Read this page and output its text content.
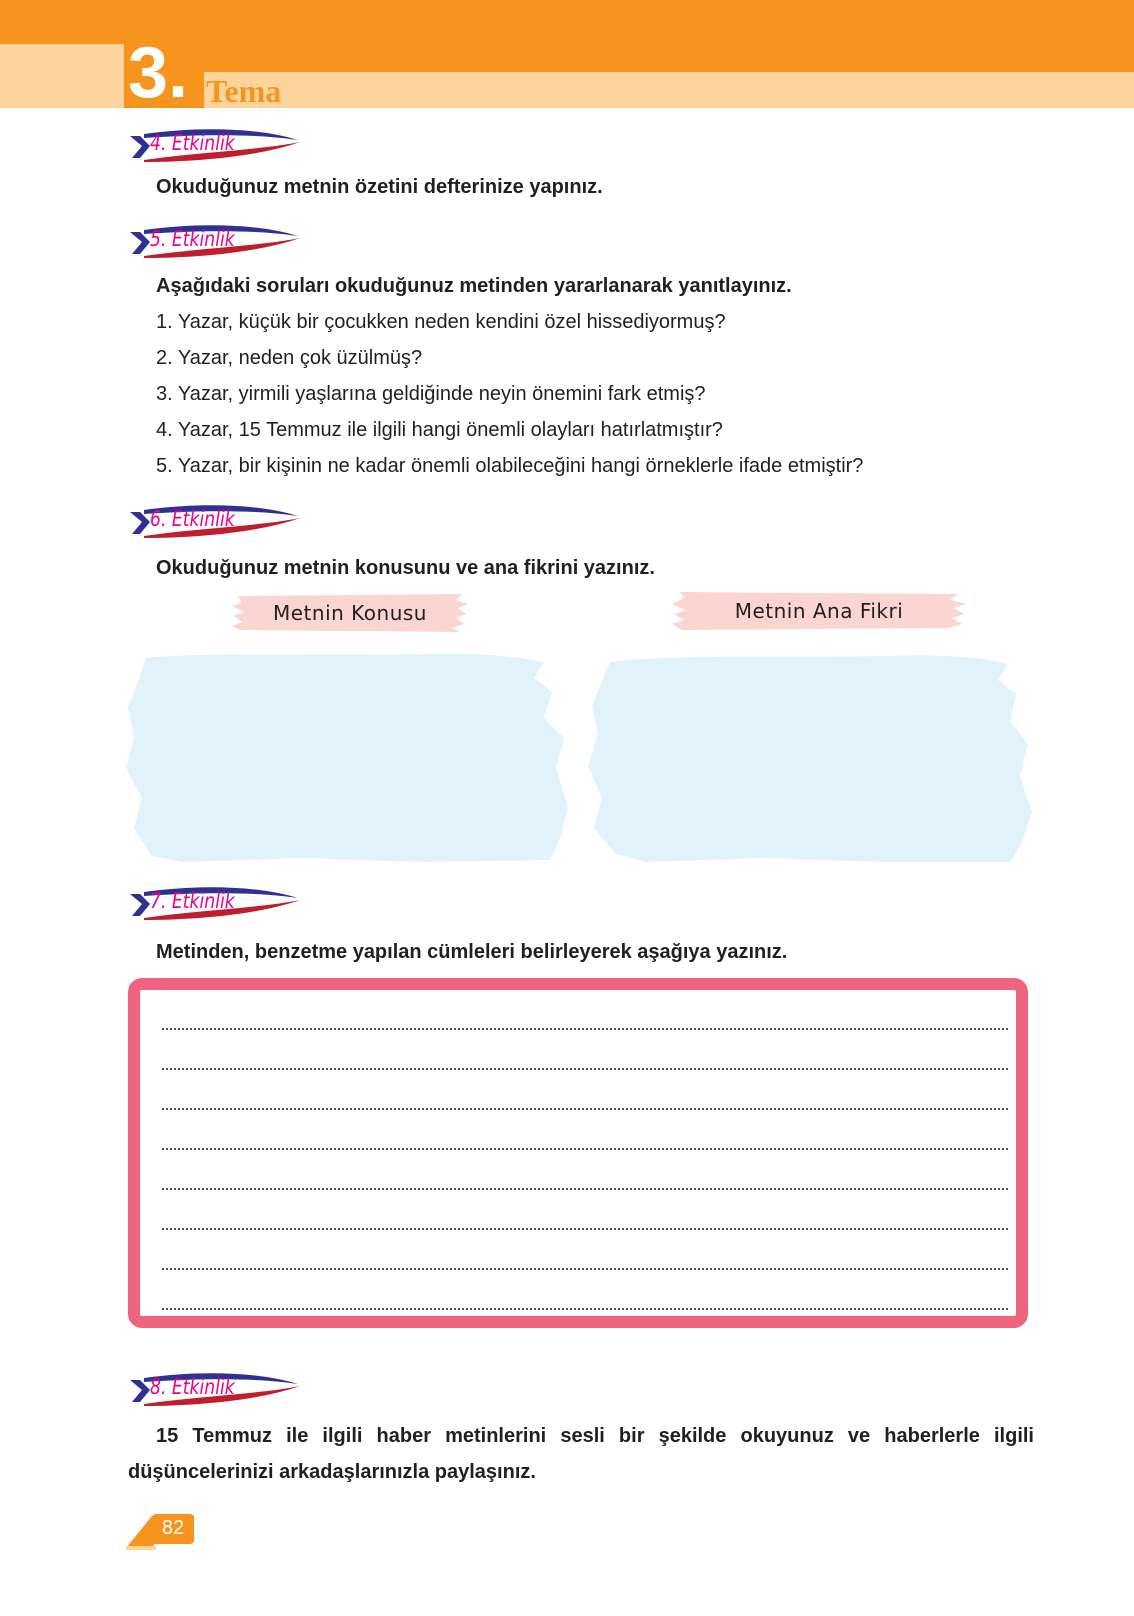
3. Tema
4. Etkinlik
Okuduğunuz metnin özetini defterinize yapınız.
5. Etkinlik
Aşağıdaki soruları okuduğunuz metinden yararlanarak yanıtlayınız.
1. Yazar, küçük bir çocukken neden kendini özel hissediyormuş?
2. Yazar, neden çok üzülmüş?
3. Yazar, yirmili yaşlarına geldiğinde neyin önemini fark etmiş?
4. Yazar, 15 Temmuz ile ilgili hangi önemli olayları hatırlatmıştır?
5. Yazar, bir kişinin ne kadar önemli olabileceğini hangi örneklerle ifade etmiştir?
6. Etkinlik
Okuduğunuz metnin konusunu ve ana fikrini yazınız.
Metnin Konusu	Metnin Ana Fikri
7. Etkinlik
Metinden, benzetme yapılan cümleleri belirleyerek aşağıya yazınız.
8. Etkinlik
15 Temmuz ile ilgili haber metinlerini sesli bir şekilde okuyunuz ve haberlerle ilgili düşüncelerinizi arkadaşlarınızla paylaşınız.
82
